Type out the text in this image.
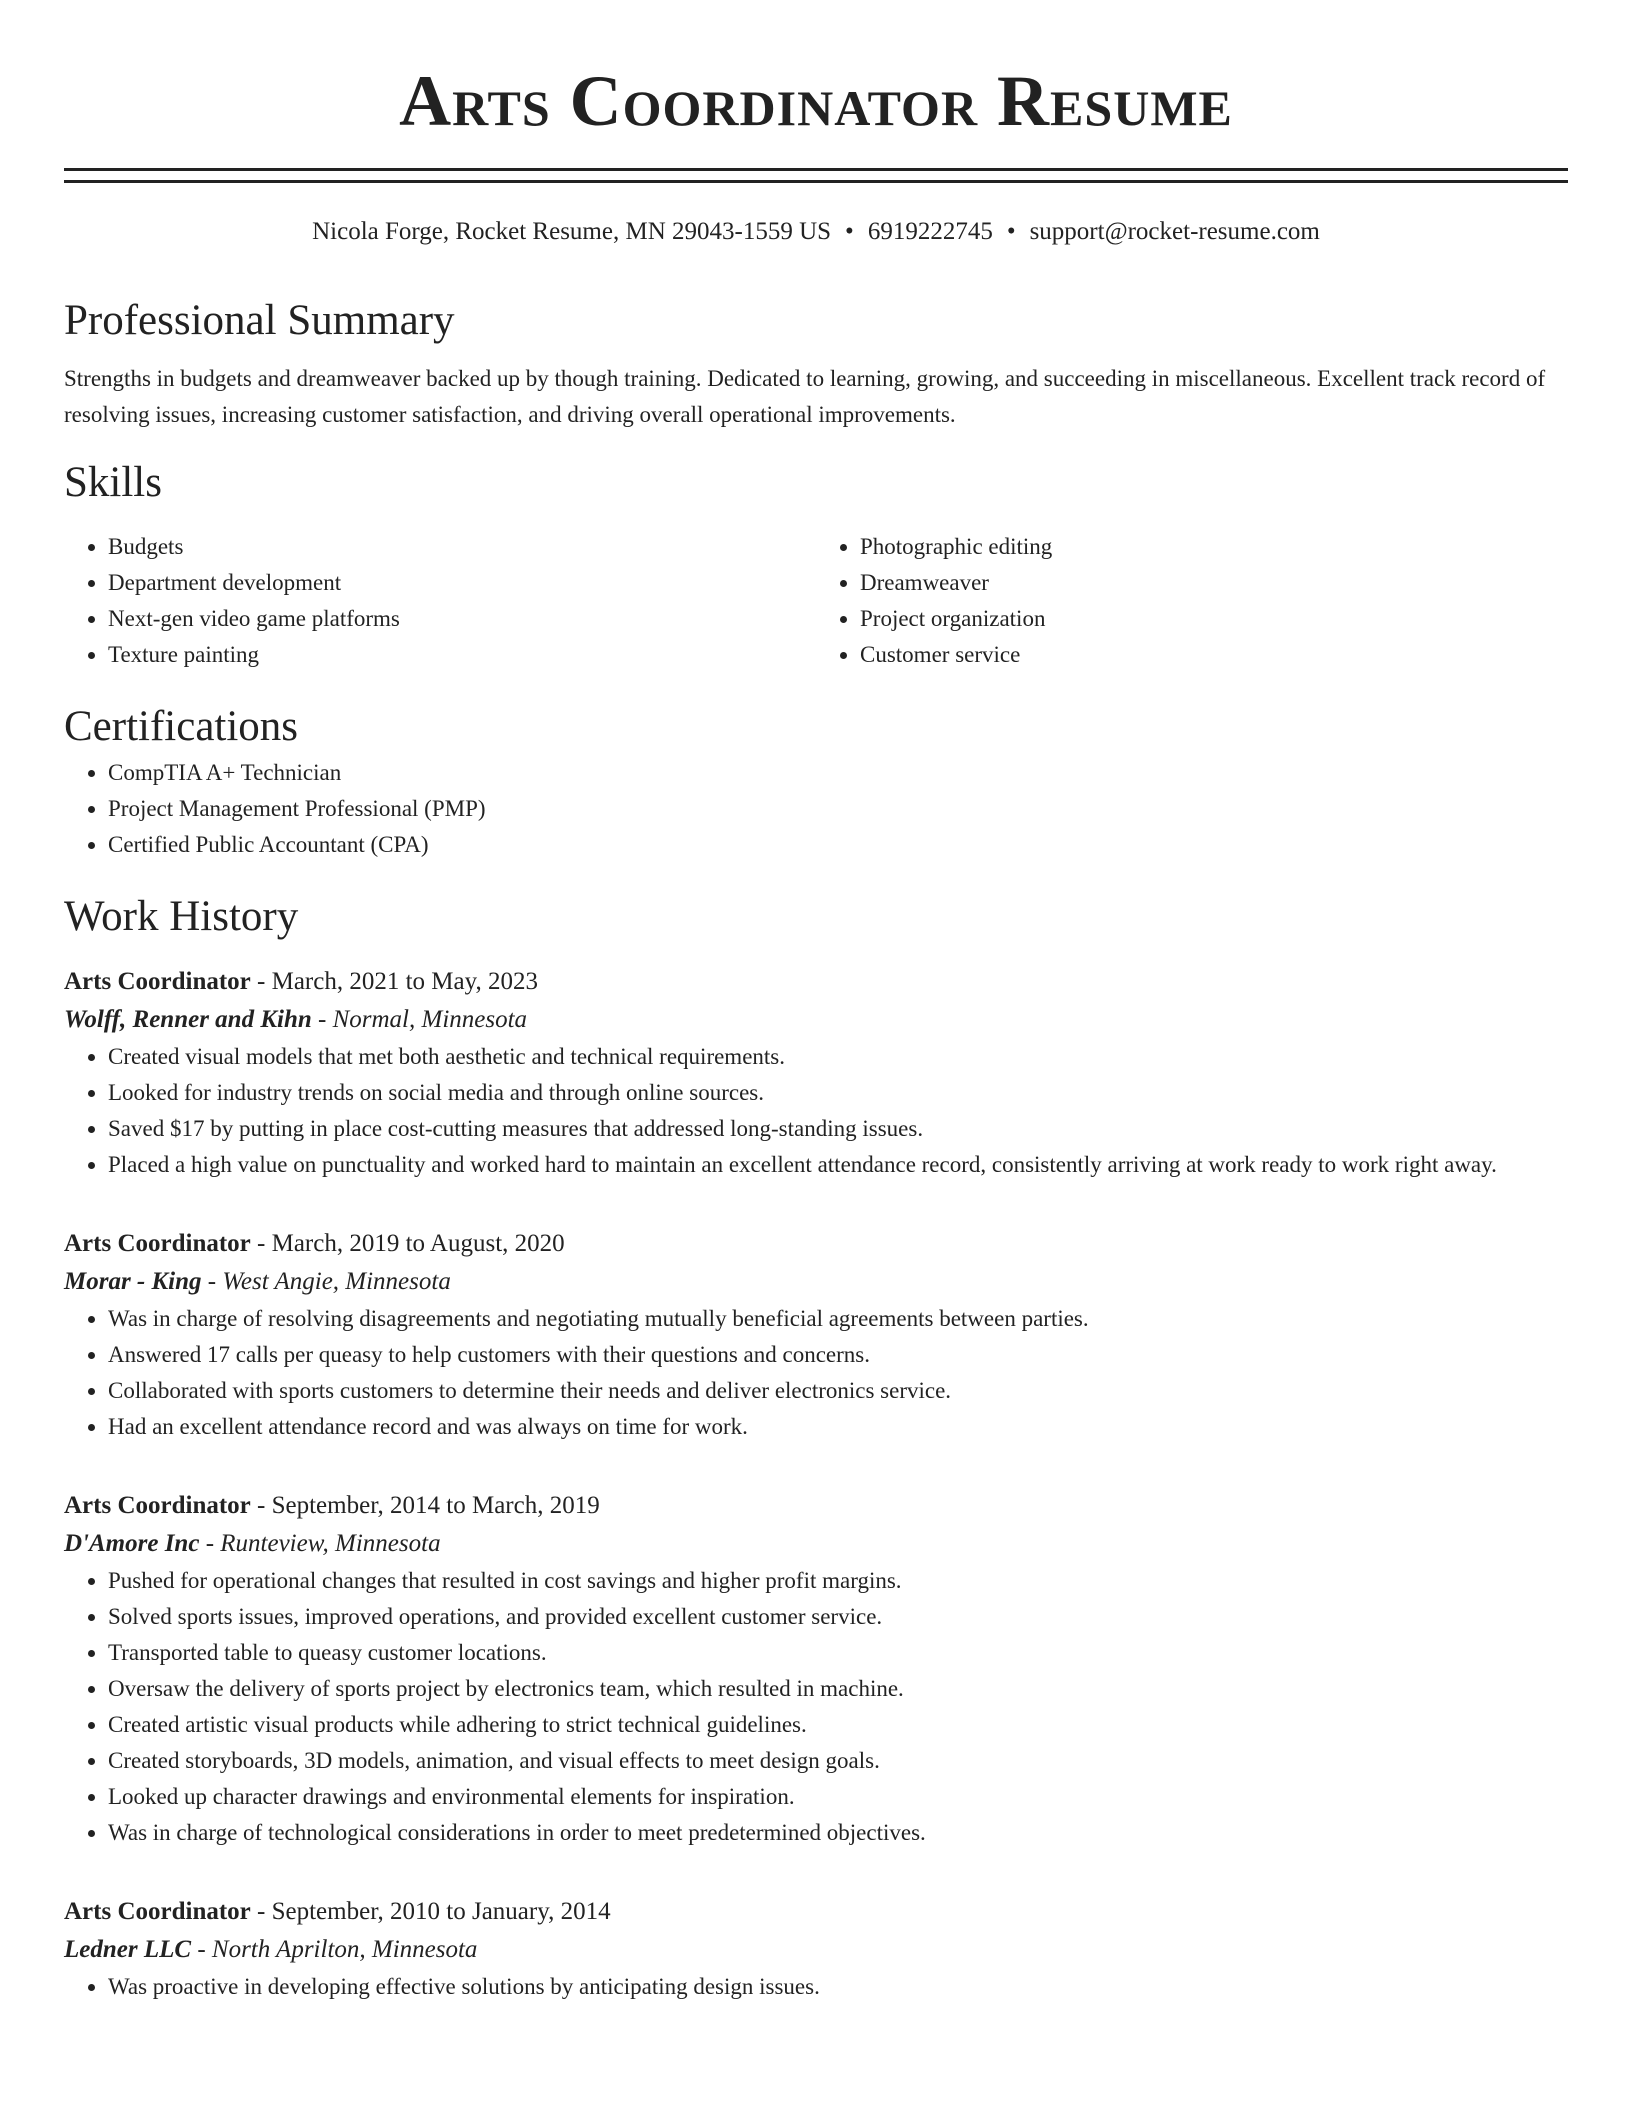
Arts Coordinator Resume
Nicola Forge, Rocket Resume, MN 29043-1559 US • 6919222745 • support@rocket-resume.com
Professional Summary

Strengths in budgets and dreamweaver backed up by though training. Dedicated to learning, growing, and succeeding in miscellaneous. Excellent track record of resolving issues, increasing customer satisfaction, and driving overall operational improvements.

Skills
• Budgets
• Department development
• Next-gen video game platforms
• Texture painting
• Photographic editing
• Dreamweaver
• Project organization
• Customer service
Certifications
• CompTIA A+ Technician
• Project Management Professional (PMP)
• Certified Public Accountant (CPA)
Work History
Arts Coordinator - March, 2021 to May, 2023
Wolff, Renner and Kihn - Normal, Minnesota
• Created visual models that met both aesthetic and technical requirements.
• Looked for industry trends on social media and through online sources.
• Saved $17 by putting in place cost-cutting measures that addressed long-standing issues.
• Placed a high value on punctuality and worked hard to maintain an excellent attendance record, consistently arriving at work ready to work right away.
Arts Coordinator - March, 2019 to August, 2020
Morar - King - West Angie, Minnesota
• Was in charge of resolving disagreements and negotiating mutually beneficial agreements between parties.
• Answered 17 calls per queasy to help customers with their questions and concerns.
• Collaborated with sports customers to determine their needs and deliver electronics service.
• Had an excellent attendance record and was always on time for work.
Arts Coordinator - September, 2014 to March, 2019
D'Amore Inc - Runteview, Minnesota
• Pushed for operational changes that resulted in cost savings and higher profit margins.
• Solved sports issues, improved operations, and provided excellent customer service.
• Transported table to queasy customer locations.
• Oversaw the delivery of sports project by electronics team, which resulted in machine.
• Created artistic visual products while adhering to strict technical guidelines.
• Created storyboards, 3D models, animation, and visual effects to meet design goals.
• Looked up character drawings and environmental elements for inspiration.
• Was in charge of technological considerations in order to meet predetermined objectives.
Arts Coordinator - September, 2010 to January, 2014
Ledner LLC - North Aprilton, Minnesota
• Was proactive in developing effective solutions by anticipating design issues.
